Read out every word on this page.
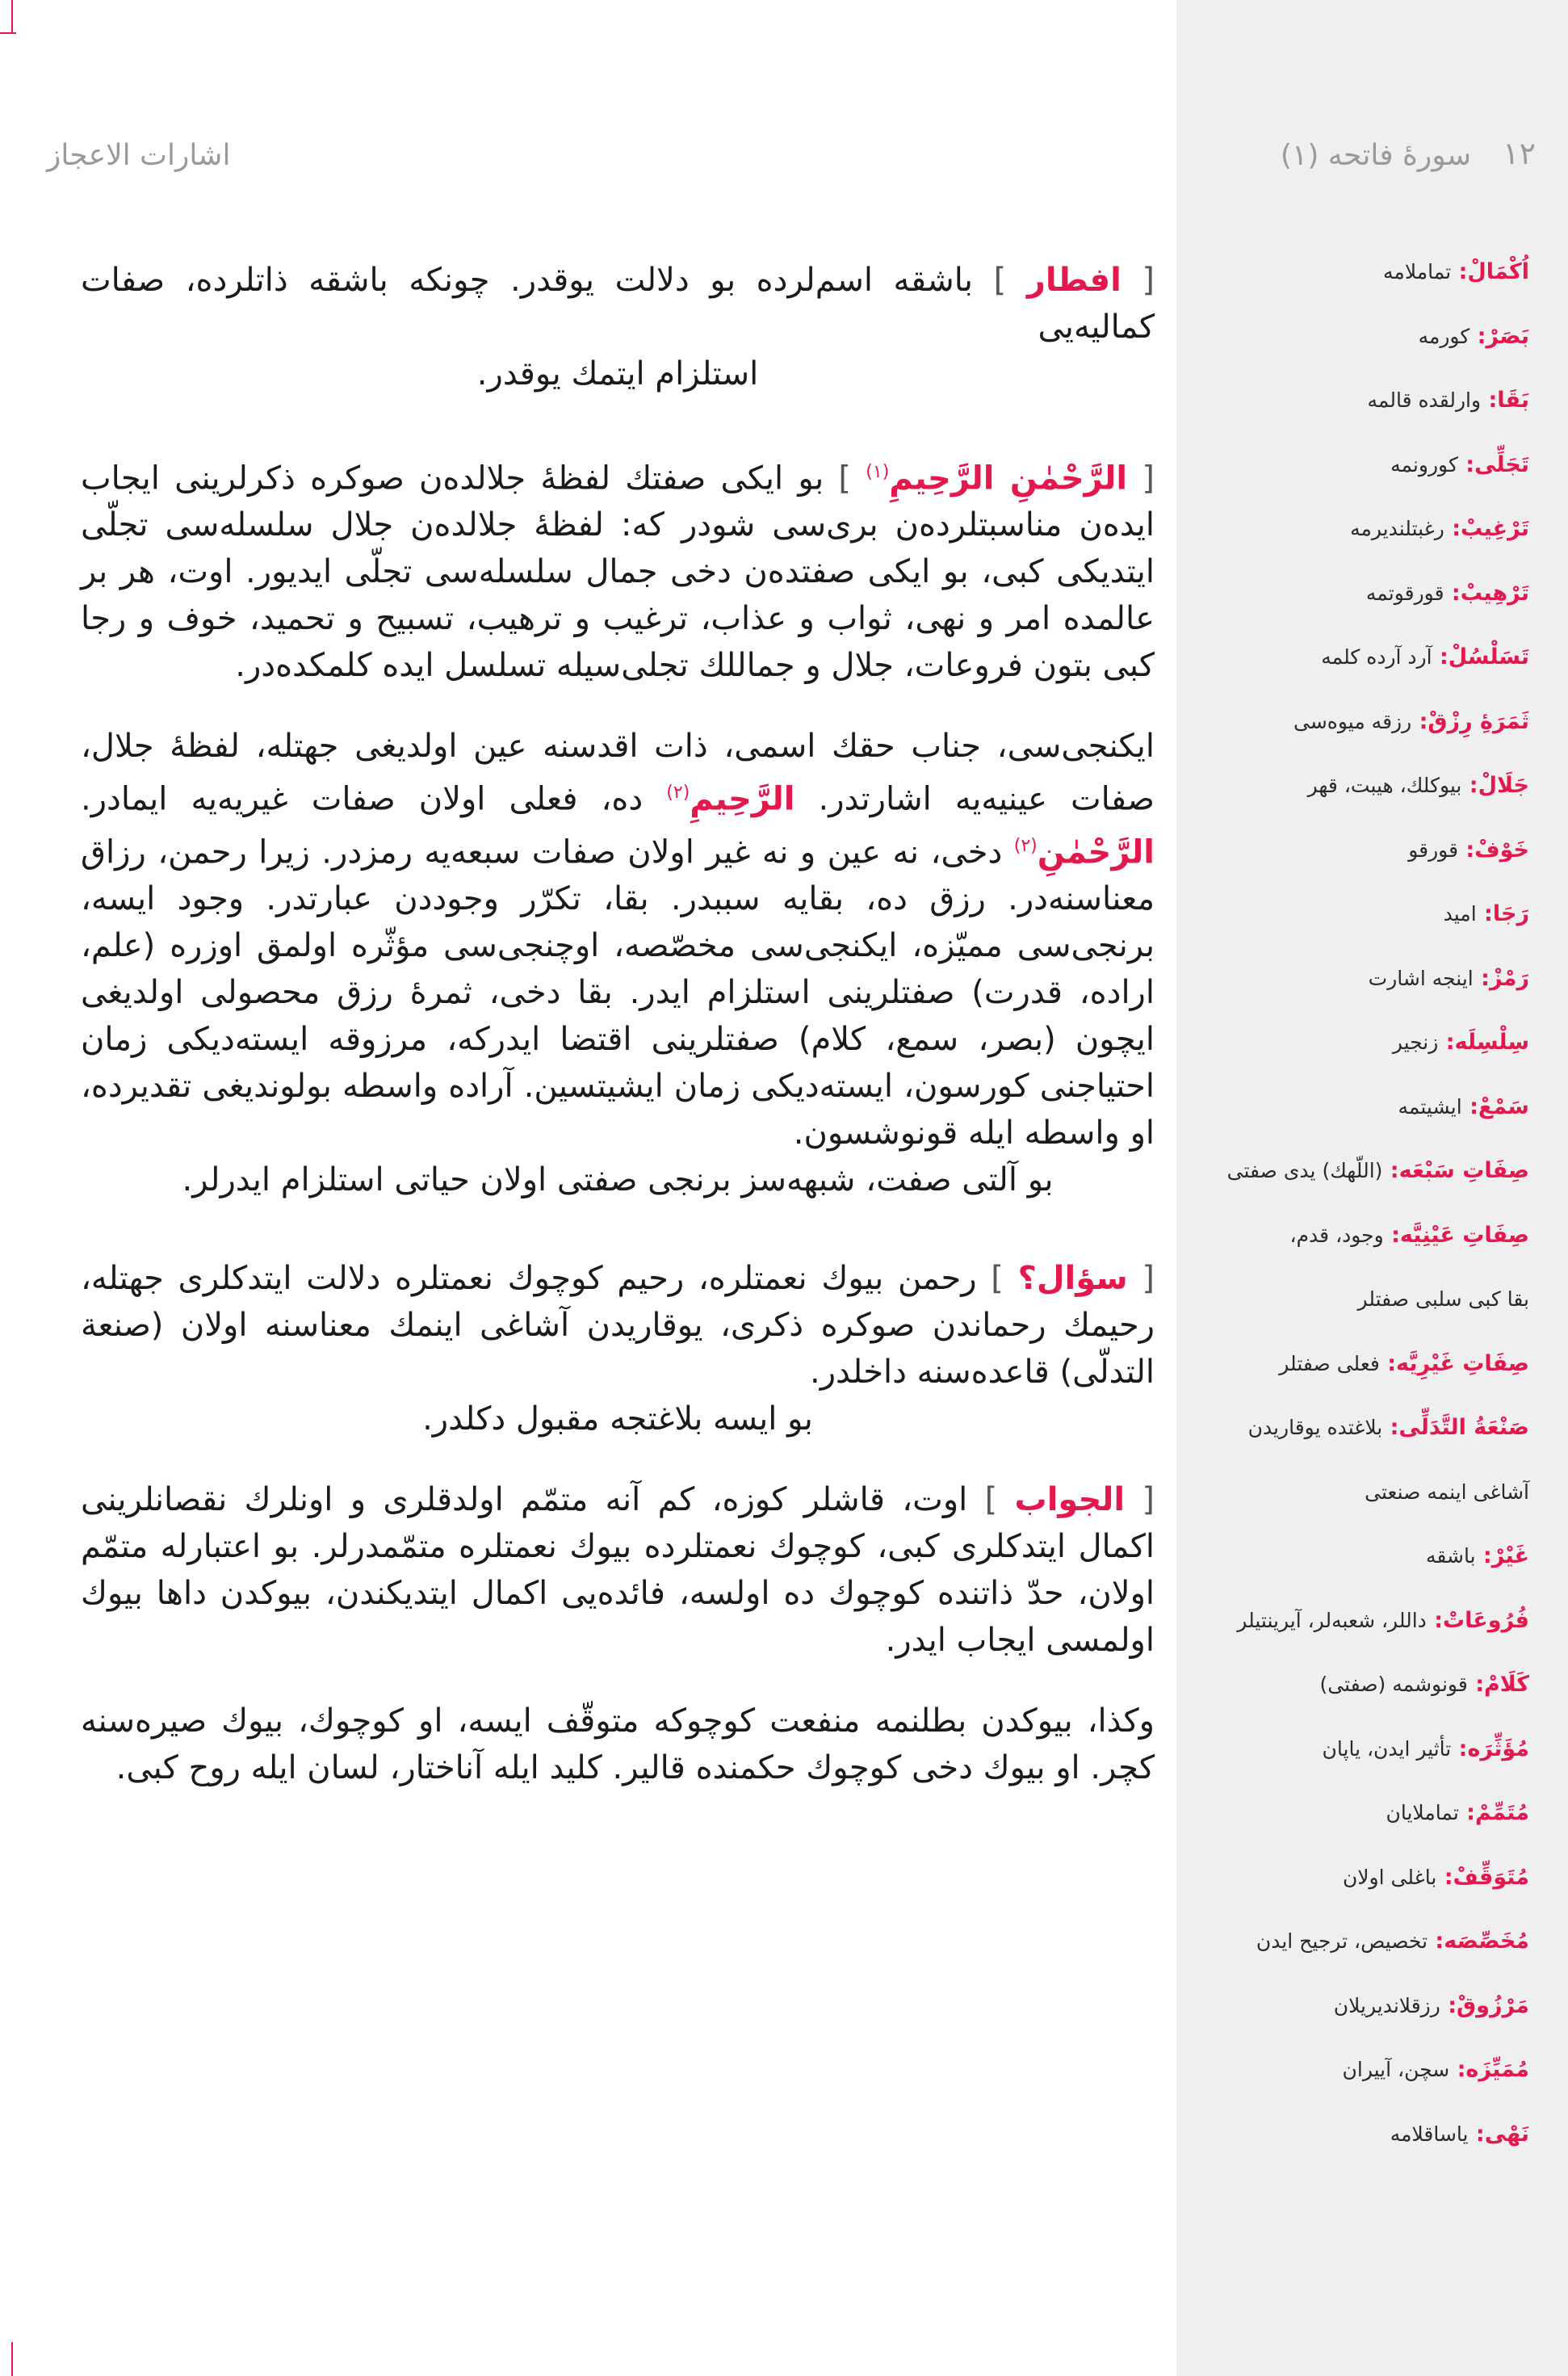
١٢
سورۀ فاتحه (١)
اُكْمَالْ: تماملامه
بَصَرْ: كورمه
بَقَا: وارلقده قالمه
تَجَلِّى: كورونمه
تَرْغِيبْ: رغبتلنديرمه
تَرْهِيبْ: قورقوتمه
تَسَلْسُلْ: آرد آرده كلمه
ثَمَرَۀِ رِزْقْ: رزقه ميوه‌سى
جَلَالْ: بيوكلك، هيبت، قهر
خَوْفْ: قورقو
رَجَا: اميد
رَمْزْ: اينجه اشارت
سِلْسِلَه: زنجير
سَمْعْ: ايشيتمه
صِفَاتِ سَبْعَه: (اللّهك) يدى صفتى
صِفَاتِ عَيْنِيَّه: وجود، قدم،
بقا كبى سلبى صفتلر
صِفَاتِ غَيْرِيَّه: فعلى صفتلر
صَنْعَةُ التَّدَلِّى: بلاغتده يوقاريدن
آشاغى اينمه صنعتى
غَيْرْ: باشقه
فُرُوعَاتْ: داللر، شعبه‌لر، آيرينتيلر
كَلَامْ: قونوشمه (صفتى)
مُؤَثِّرَه: تأثير ايدن، ياپان
مُتَمِّمْ: تماملايان
مُتَوَقِّفْ: باغلى اولان
مُخَصِّصَه: تخصيص، ترجيح ايدن
مَرْزُوقْ: رزقلانديريلان
مُمَيِّزَه: سچن، آييران
نَهْى: ياساقلامه
اشارات الاعجاز

[ افطار ] باشقه اسم‌لرده بو دلالت يوقدر. چونكه باشقه ذاتلرده، صفات كماليه‌يى

استلزام ايتمك يوقدر.

[ الرَّحْمٰنِ الرَّحِيمِ$^{(١)}$ ] بو ايكى صفتك لفظۀ جلالده‌ن صوكره ذكرلرينى ايجاب ايده‌ن مناسبتلرده‌ن برى‌سى شودر كه: لفظۀ جلالده‌ن جلال سلسله‌سى تجلّى ايتديكى كبى، بو ايكى صفتده‌ن دخى جمال سلسله‌سى تجلّى ايديور. اوت، هر بر عالمده امر و نهى، ثواب و عذاب، ترغيب و ترهيب، تسبيح و تحميد، خوف و رجا كبى بتون فروعات، جلال و جماللك تجلى‌سيله تسلسل ايده كلمكده‌در.

ايكنجى‌سى، جناب حقك اسمى، ذات اقدسنه عين اولديغى جهتله، لفظۀ جلال، صفات عينيه‌يه اشارتدر. الرَّحِيمِ$^{(٢)}$ ده، فعلى اولان صفات غيريه‌يه ايمادر. الرَّحْمٰنِ$^{(٢)}$ دخى، نه عين و نه غير اولان صفات سبعه‌يه رمزدر. زيرا رحمن، رزاق معناسنه‌در. رزق ده، بقايه سببدر. بقا، تكرّر وجوددن عبارتدر. وجود ايسه، برنجى‌سى مميّزه، ايكنجى‌سى مخصّصه، اوچنجى‌سى مؤثّره اولمق اوزره (علم، اراده، قدرت) صفتلرينى استلزام ايدر. بقا دخى، ثمرۀ رزق محصولى اولديغى ايچون (بصر، سمع، كلام) صفتلرينى اقتضا ايدركه، مرزوقه ايسته‌ديكى زمان احتياجنى كورسون، ايسته‌ديكى زمان ايشيتسين. آراده واسطه بولونديغى تقديرده، او واسطه ايله قونوشسون.

بو آلتى صفت، شبهه‌سز برنجى صفتى اولان حياتى استلزام ايدرلر.

[ سؤال؟ ] رحمن بيوك نعمتلره، رحيم كوچوك نعمتلره دلالت ايتدكلرى جهتله، رحيمك رحماندن صوكره ذكرى، يوقاريدن آشاغى اينمك معناسنه اولان (صنعة التدلّى) قاعده‌سنه داخلدر.

بو ايسه بلاغتجه مقبول دكلدر.

[ الجواب ] اوت، قاشلر كوزه، كم آنه متمّم اولدقلرى و اونلرك نقصانلرينى اكمال ايتدكلرى كبى، كوچوك نعمتلرده بيوك نعمتلره متمّمدرلر. بو اعتبارله متمّم اولان، حدّ ذاتنده كوچوك ده اولسه، فائده‌يى اكمال ايتديكندن، بيوكدن داها بيوك اولمسى ايجاب ايدر.

وكذا، بيوكدن بطلنمه منفعت كوچوكه متوقّف ايسه، او كوچوك، بيوك صيره‌سنه كچر. او بيوك دخى كوچوك حكمنده قالير. كليد ايله آناختار، لسان ايله روح كبى.
